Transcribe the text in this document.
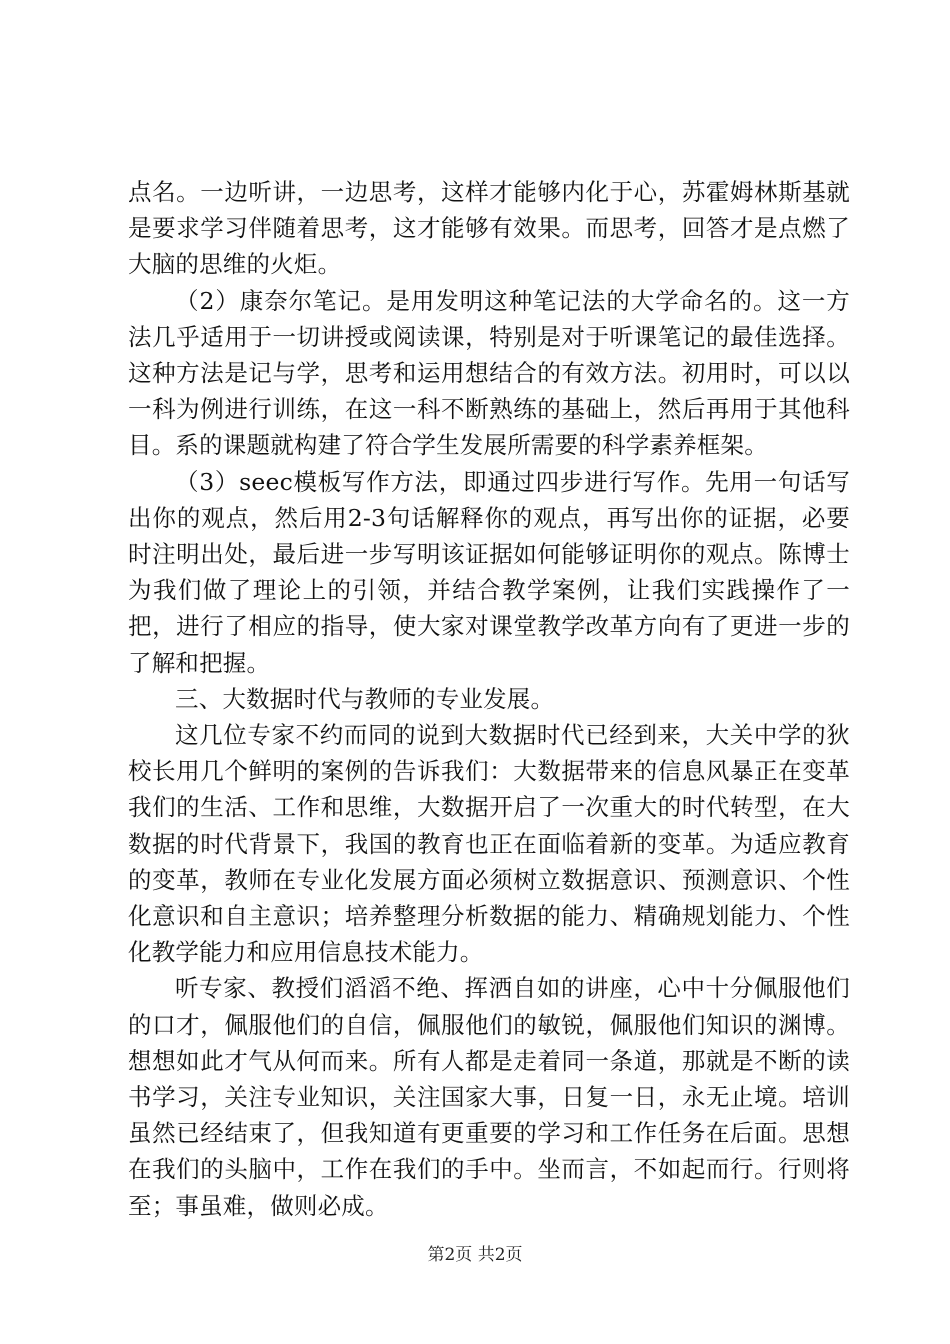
点名。一边听讲，一边思考，这样才能够内化于心，苏霍姆林斯基就是要求学习伴随着思考，这才能够有效果。而思考，回答才是点燃了大脑的思维的火炬。

（2）康奈尔笔记。是用发明这种笔记法的大学命名的。这一方法几乎适用于一切讲授或阅读课，特别是对于听课笔记的最佳选择。这种方法是记与学，思考和运用想结合的有效方法。初用时，可以以一科为例进行训练，在这一科不断熟练的基础上，然后再用于其他科目。系的课题就构建了符合学生发展所需要的科学素养框架。

（3）seec模板写作方法，即通过四步进行写作。先用一句话写出你的观点，然后用2-3句话解释你的观点，再写出你的证据，必要时注明出处，最后进一步写明该证据如何能够证明你的观点。陈博士为我们做了理论上的引领，并结合教学案例，让我们实践操作了一把，进行了相应的指导，使大家对课堂教学改革方向有了更进一步的了解和把握。

三、大数据时代与教师的专业发展。

这几位专家不约而同的说到大数据时代已经到来，大关中学的狄校长用几个鲜明的案例的告诉我们：大数据带来的信息风暴正在变革我们的生活、工作和思维，大数据开启了一次重大的时代转型，在大数据的时代背景下，我国的教育也正在面临着新的变革。为适应教育的变革，教师在专业化发展方面必须树立数据意识、预测意识、个性化意识和自主意识；培养整理分析数据的能力、精确规划能力、个性化教学能力和应用信息技术能力。

听专家、教授们滔滔不绝、挥洒自如的讲座，心中十分佩服他们的口才，佩服他们的自信，佩服他们的敏锐，佩服他们知识的渊博。想想如此才气从何而来。所有人都是走着同一条道，那就是不断的读书学习，关注专业知识，关注国家大事，日复一日，永无止境。培训虽然已经结束了，但我知道有更重要的学习和工作任务在后面。思想在我们的头脑中，工作在我们的手中。坐而言，不如起而行。行则将至；事虽难，做则必成。

第2页 共2页
